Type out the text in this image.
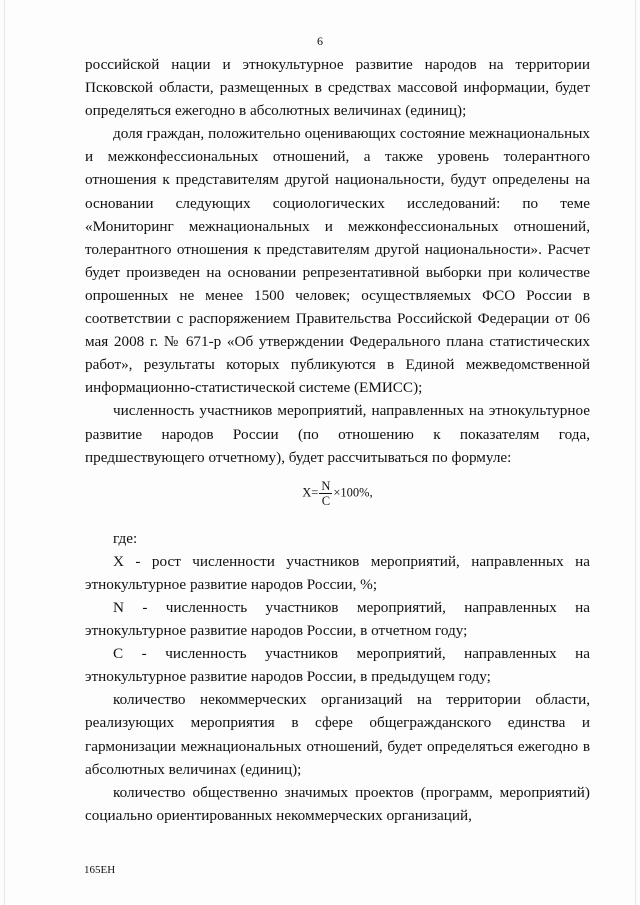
6

российской нации и этнокультурное развитие народов на территории Псковской области, размещенных в средствах массовой информации, будет определяться ежегодно в абсолютных величинах (единиц);

доля граждан, положительно оценивающих состояние межнациональных и межконфессиональных отношений, а также уровень толерантного отношения к представителям другой национальности, будут определены на основании следующих социологических исследований: по теме «Мониторинг межнациональных и межконфессиональных отношений, толерантного отношения к представителям другой национальности». Расчет будет произведен на основании репрезентативной выборки при количестве опрошенных не менее 1500 человек; осуществляемых ФСО России в соответствии с распоряжением Правительства Российской Федерации от 06 мая 2008 г. № 671-р «Об утверждении Федерального плана статистических работ», результаты которых публикуются в Единой межведомственной информационно-статистической системе (ЕМИСС);

численность участников мероприятий, направленных на этнокультурное развитие народов России (по отношению к показателям года, предшествующего отчетному), будет рассчитываться по формуле:

$X= \frac{N}{C} \times 100\%$,

где:

X - рост численности участников мероприятий, направленных на этнокультурное развитие народов России, %;

N - численность участников мероприятий, направленных на этнокультурное развитие народов России, в отчетном году;

C - численность участников мероприятий, направленных на этнокультурное развитие народов России, в предыдущем году;

количество некоммерческих организаций на территории области, реализующих мероприятия в сфере общегражданского единства и гармонизации межнациональных отношений, будет определяться ежегодно в абсолютных величинах (единиц);

количество общественно значимых проектов (программ, мероприятий) социально ориентированных некоммерческих организаций,

165ЕН
